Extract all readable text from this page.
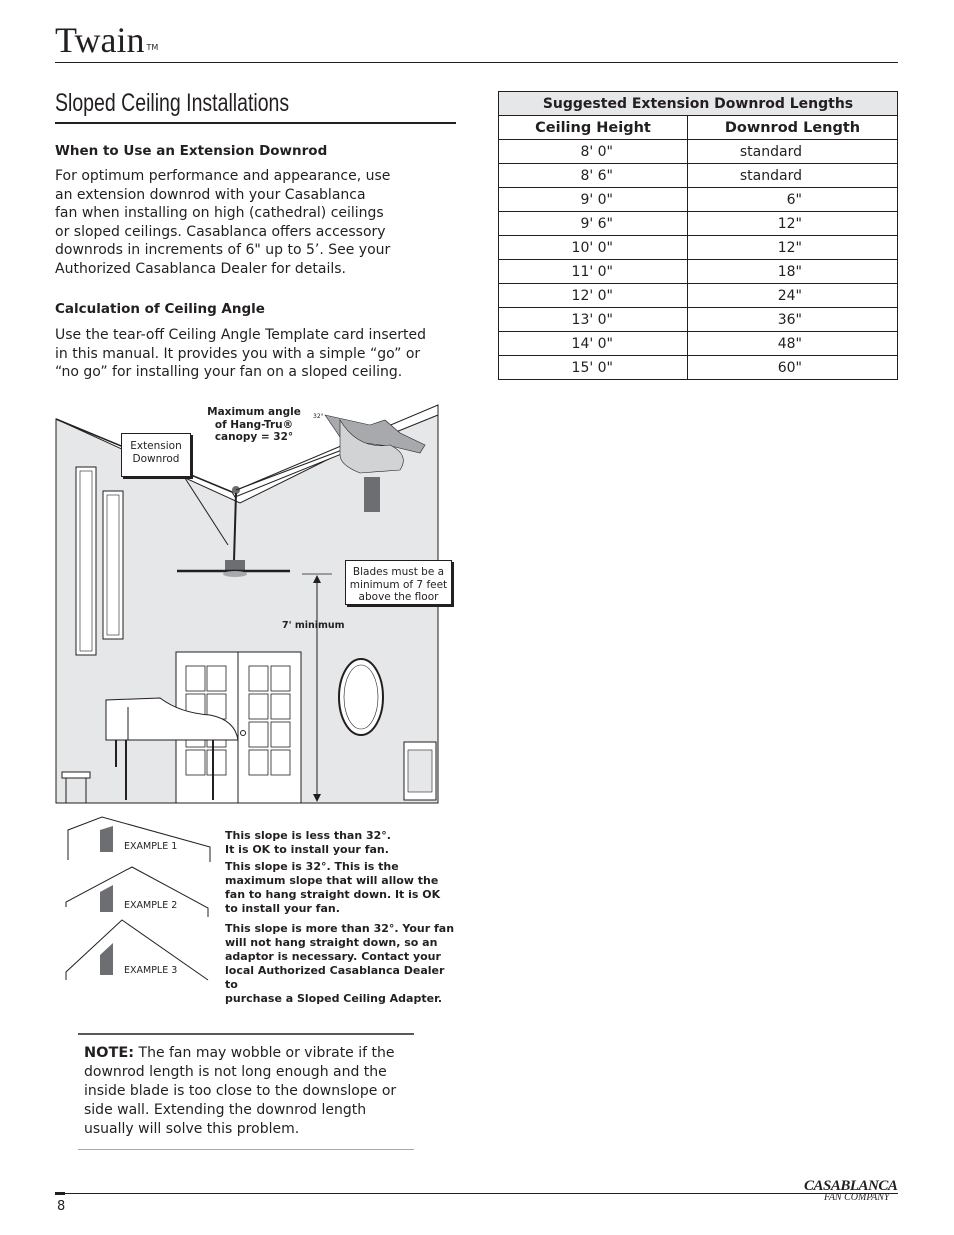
Twain ™
Sloped Ceiling Installations
When to Use an Extension Downrod
For optimum performance and appearance, use
an extension downrod with your Casablanca
fan when installing on high (cathedral) ceilings
or sloped ceilings. Casablanca offers accessory
downrods in increments of 6" up to 5’. See your
Authorized Casablanca Dealer for details.
Calculation of Ceiling Angle
Use the tear-off Ceiling Angle Template card inserted
in this manual. It provides you with a simple “go” or
“no go” for installing your fan on a sloped ceiling.
Suggested Extension Downrod Lengths	
Ceiling Height	Downrod Length
8' 0"	standard
8' 6"	standard
9' 0"	6"
9' 6"	12"
10' 0"	12"
11' 0"	18"
12' 0"	24"
13' 0"	36"
14' 0"	48"
15' 0"	60"
Maximum angle
of Hang-Tru®
canopy = 32°
32°
Extension
Downrod
Blades must be a
minimum of 7 feet
above the floor
7' minimum
EXAMPLE 1
EXAMPLE 2
EXAMPLE 3
This slope is less than 32°.
It is OK to install your fan.
This slope is 32°. This is the
maximum slope that will allow the
fan to hang straight down. It is OK
to install your fan.
This slope is more than 32°. Your fan
will not hang straight down, so an
adaptor is necessary. Contact your
local Authorized Casablanca Dealer to
purchase a Sloped Ceiling Adapter.
NOTE: The fan may wobble or vibrate if the downrod length is not long enough and the inside blade is too close to the downslope or side wall. Extending the downrod length usually will solve this problem.
8
CASABLANCA
FAN COMPANY
